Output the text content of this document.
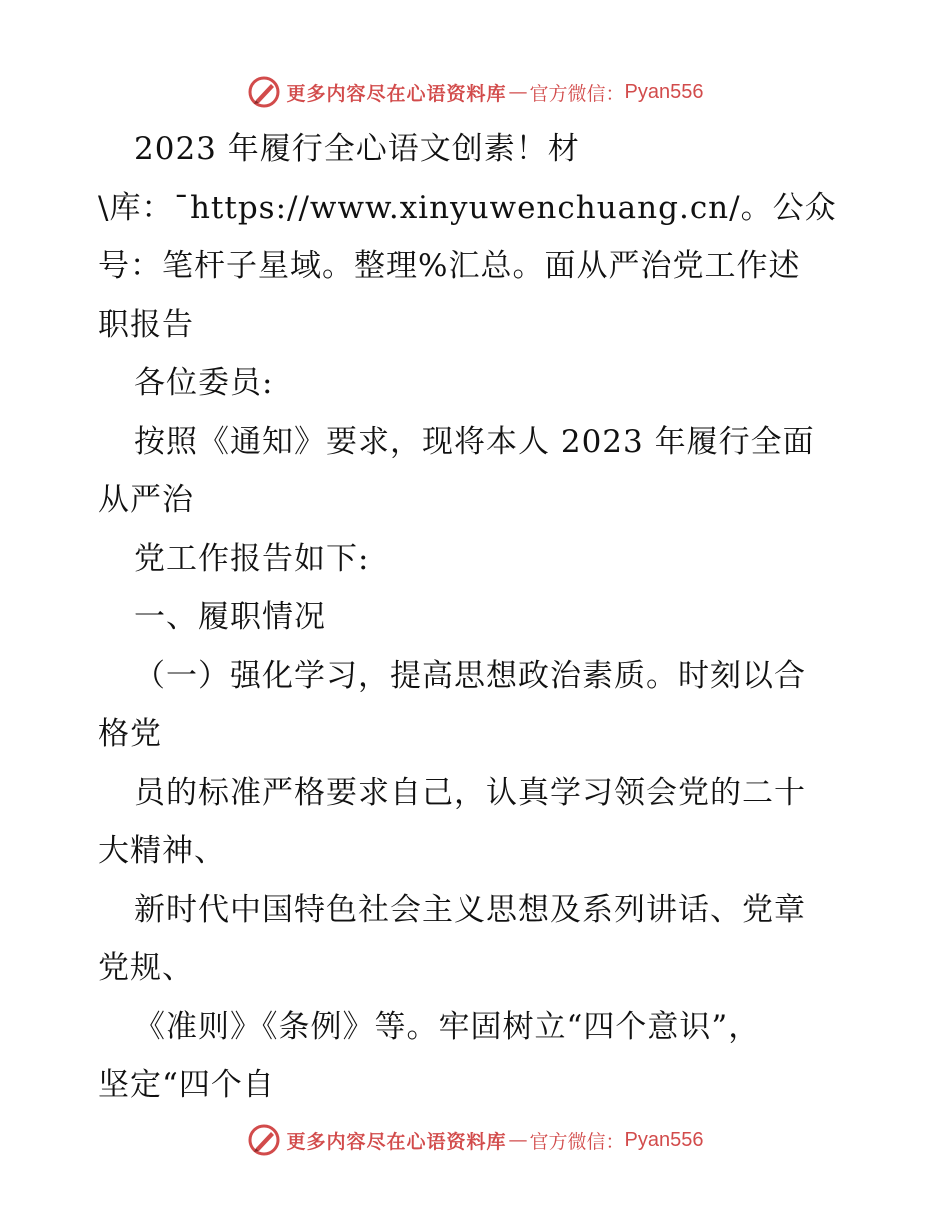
更多内容尽在心语资料库 — 官方微信： Pyan556
2023 年履行全心语文创素！材
\库：¯https://www.xinyuwenchuang.cn/。公众
号：笔杆子星域。整理%汇总。面从严治党工作述
职报告
各位委员:
按照《通知》要求，现将本人 2023 年履行全面
从严治
党工作报告如下:
一、履职情况
（一）强化学习，提高思想政治素质。时刻以合
格党
员的标准严格要求自己，认真学习领会党的二十
大精神、
新时代中国特色社会主义思想及系列讲话、党章
党规、
《准则》《条例》等。牢固树立“四个意识”，
坚定“四个自
更多内容尽在心语资料库 — 官方微信： Pyan556
